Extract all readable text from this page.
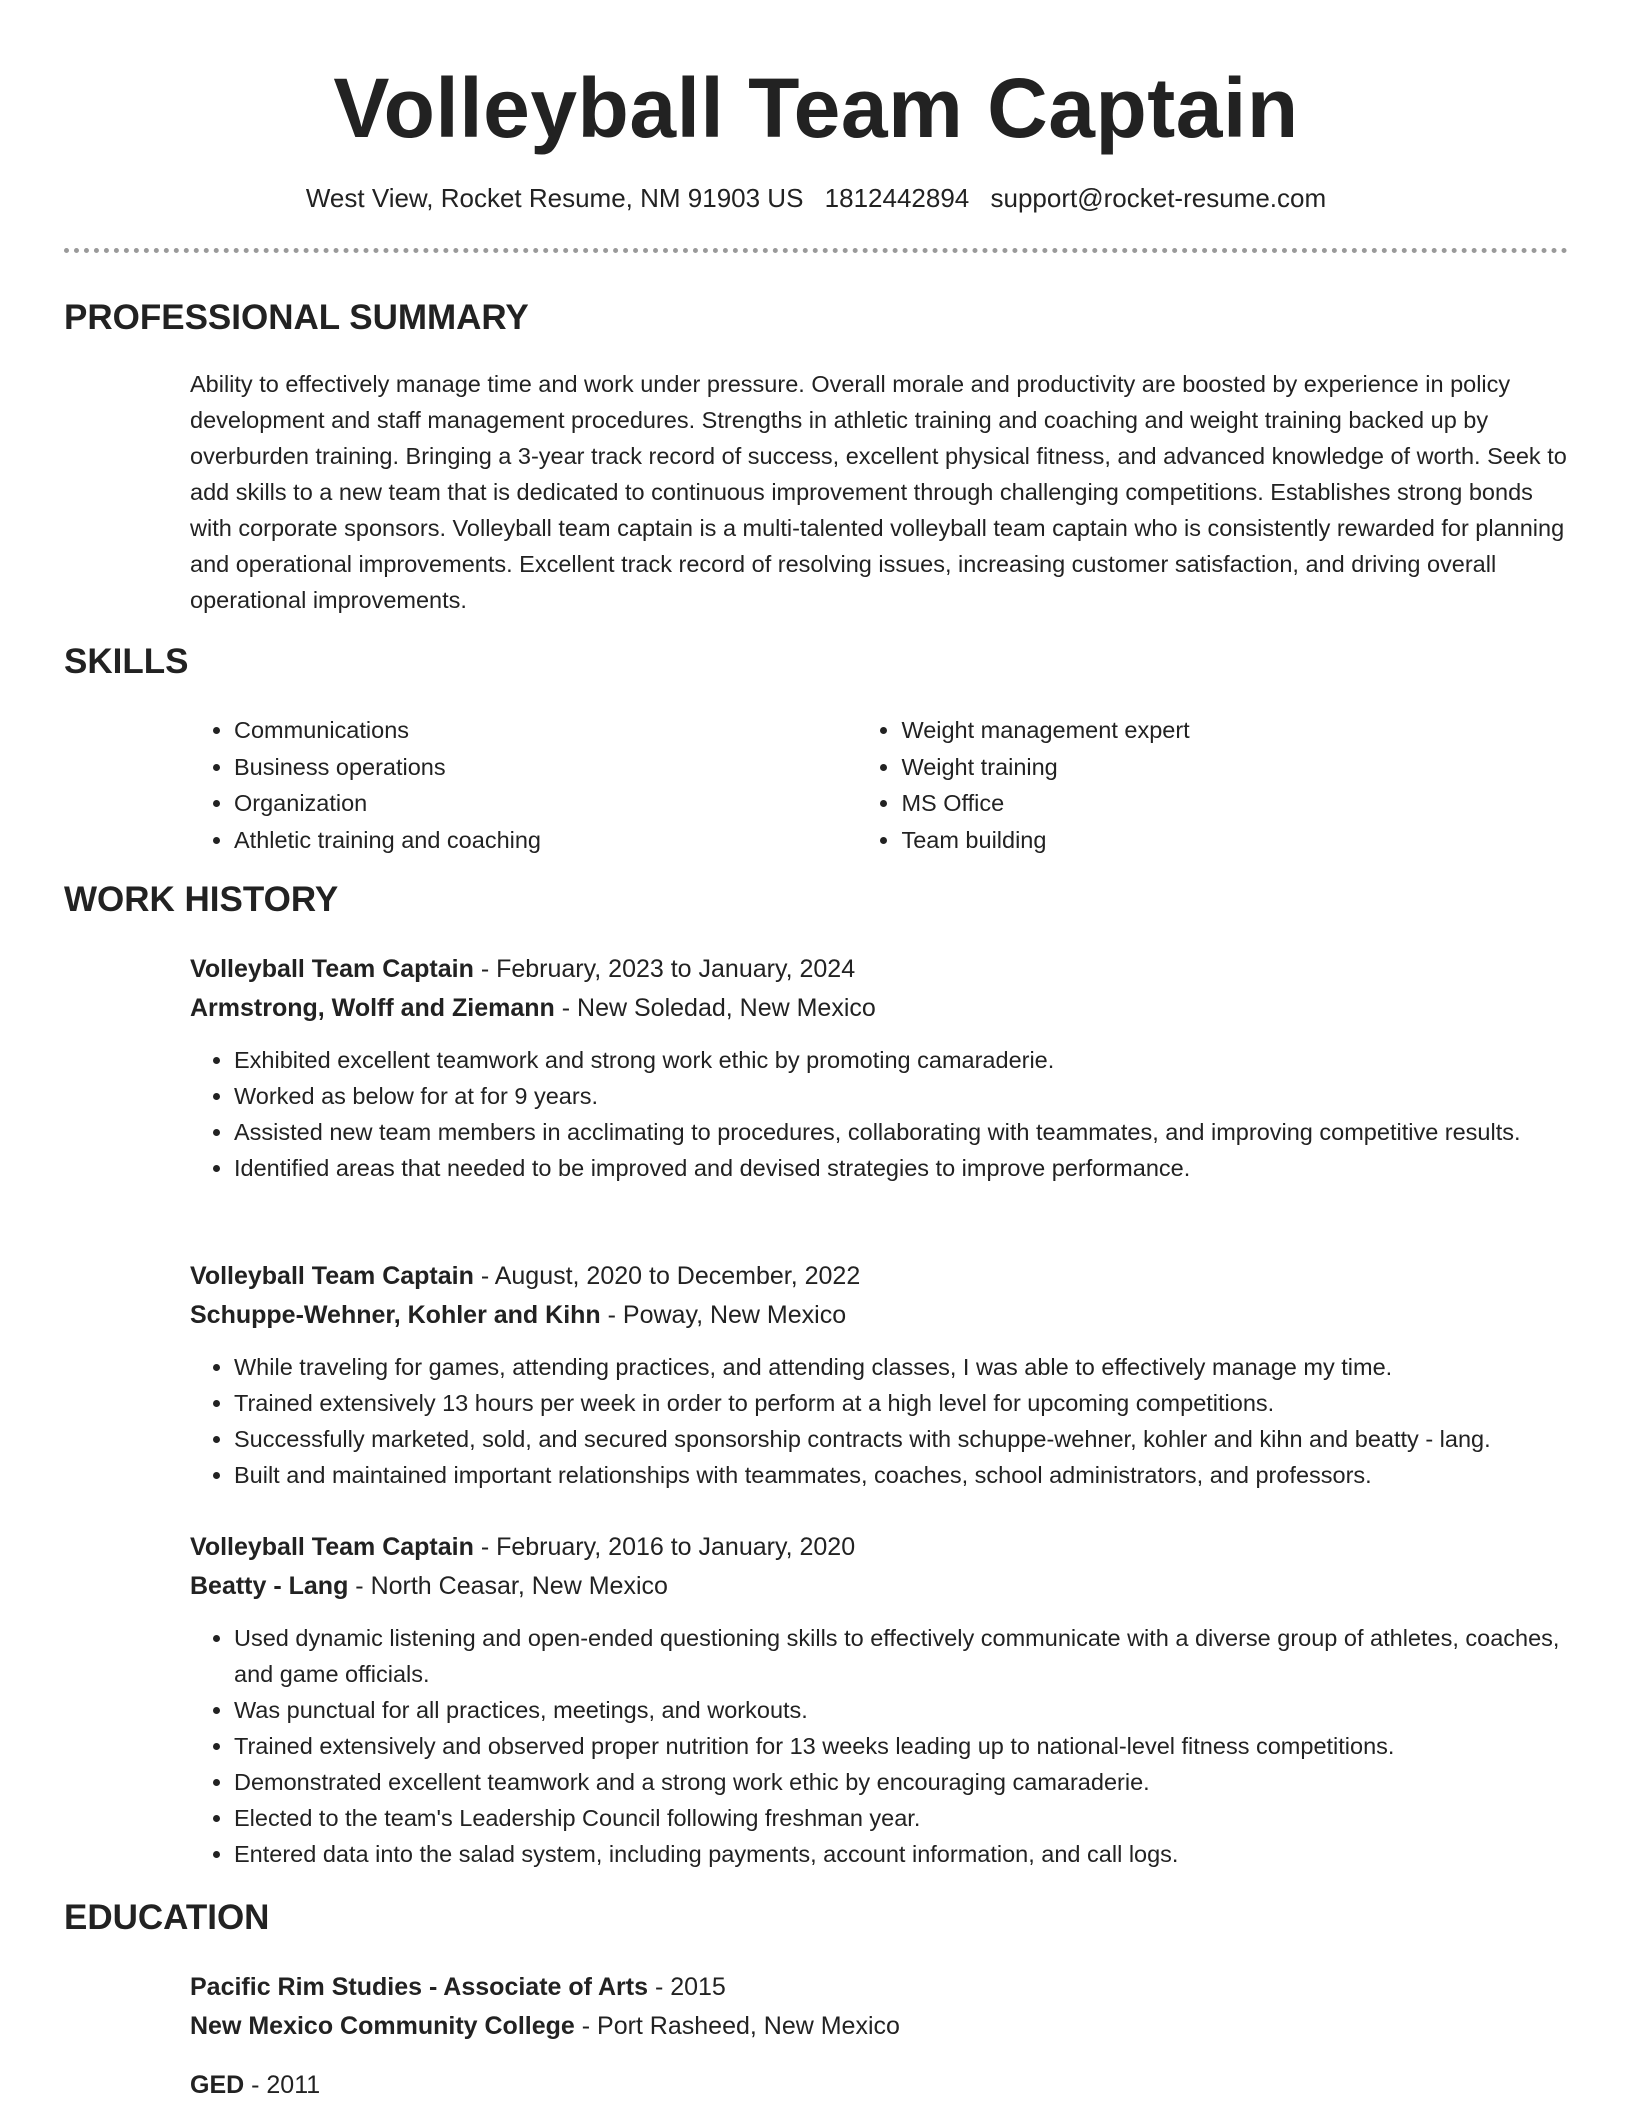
Volleyball Team Captain
West View, Rocket Resume, NM 91903 US 1812442894 support@rocket-resume.com
PROFESSIONAL SUMMARY

Ability to effectively manage time and work under pressure. Overall morale and productivity are boosted by experience in policy development and staff management procedures. Strengths in athletic training and coaching and weight training backed up by overburden training. Bringing a 3-year track record of success, excellent physical fitness, and advanced knowledge of worth. Seek to add skills to a new team that is dedicated to continuous improvement through challenging competitions. Establishes strong bonds with corporate sponsors. Volleyball team captain is a multi-talented volleyball team captain who is consistently rewarded for planning and operational improvements. Excellent track record of resolving issues, increasing customer satisfaction, and driving overall operational improvements.

SKILLS
• Communications
• Business operations
• Organization
• Athletic training and coaching
• Weight management expert
• Weight training
• MS Office
• Team building
WORK HISTORY
Volleyball Team Captain - February, 2023 to January, 2024
Armstrong, Wolff and Ziemann - New Soledad, New Mexico
• Exhibited excellent teamwork and strong work ethic by promoting camaraderie.
• Worked as below for at for 9 years.
• Assisted new team members in acclimating to procedures, collaborating with teammates, and improving competitive results.
• Identified areas that needed to be improved and devised strategies to improve performance.
Volleyball Team Captain - August, 2020 to December, 2022
Schuppe-Wehner, Kohler and Kihn - Poway, New Mexico
• While traveling for games, attending practices, and attending classes, I was able to effectively manage my time.
• Trained extensively 13 hours per week in order to perform at a high level for upcoming competitions.
• Successfully marketed, sold, and secured sponsorship contracts with schuppe-wehner, kohler and kihn and beatty - lang.
• Built and maintained important relationships with teammates, coaches, school administrators, and professors.
Volleyball Team Captain - February, 2016 to January, 2020
Beatty - Lang - North Ceasar, New Mexico
• Used dynamic listening and open-ended questioning skills to effectively communicate with a diverse group of athletes, coaches, and game officials.
• Was punctual for all practices, meetings, and workouts.
• Trained extensively and observed proper nutrition for 13 weeks leading up to national-level fitness competitions.
• Demonstrated excellent teamwork and a strong work ethic by encouraging camaraderie.
• Elected to the team's Leadership Council following freshman year.
• Entered data into the salad system, including payments, account information, and call logs.
EDUCATION
Pacific Rim Studies - Associate of Arts - 2015
New Mexico Community College - Port Rasheed, New Mexico
GED - 2011
